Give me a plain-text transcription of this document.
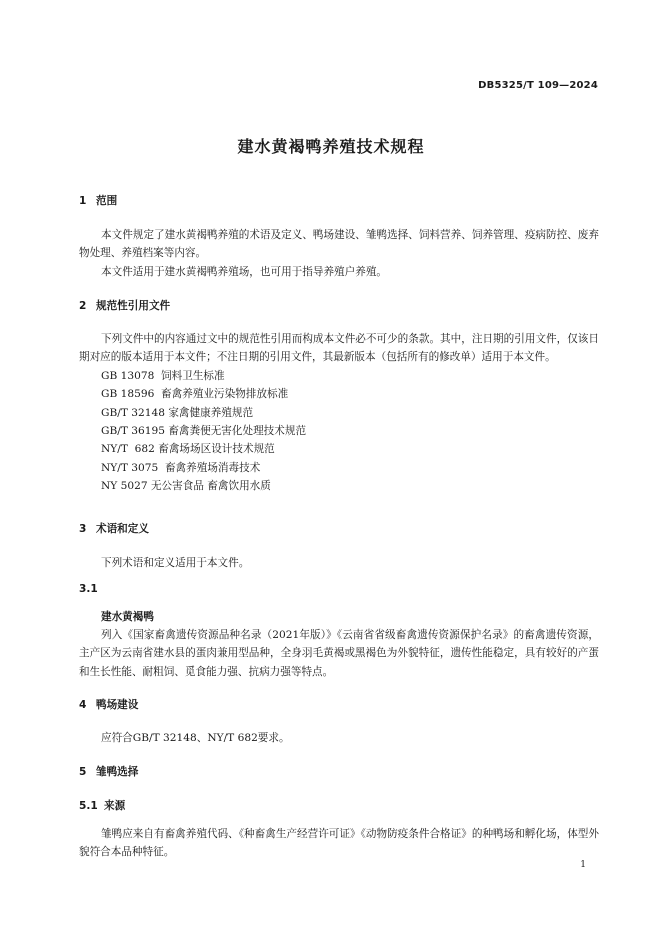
DB5325/T 109—2024
建水黄褐鸭养殖技术规程
1 范围

本文件规定了建水黄褐鸭养殖的术语及定义、鸭场建设、雏鸭选择、饲料营养、饲养管理、疫病防控、废弃物处理、养殖档案等内容。

本文件适用于建水黄褐鸭养殖场，也可用于指导养殖户养殖。

2 规范性引用文件

下列文件中的内容通过文中的规范性引用而构成本文件必不可少的条款。其中，注日期的引用文件，仅该日期对应的版本适用于本文件；不注日期的引用文件，其最新版本（包括所有的修改单）适用于本文件。

GB 13078  饲料卫生标准
GB 18596  畜禽养殖业污染物排放标准
GB/T 32148 家禽健康养殖规范
GB/T 36195 畜禽粪便无害化处理技术规范
NY/T  682 畜禽场场区设计技术规范
NY/T 3075  畜禽养殖场消毒技术
NY 5027 无公害食品 畜禽饮用水质
3 术语和定义

下列术语和定义适用于本文件。

3.1
建水黄褐鸭

列入《国家畜禽遗传资源品种名录（2021年版）》《云南省省级畜禽遗传资源保护名录》的畜禽遗传资源，主产区为云南省建水县的蛋肉兼用型品种，全身羽毛黄褐或黑褐色为外貌特征，遗传性能稳定，具有较好的产蛋和生长性能、耐粗饲、觅食能力强、抗病力强等特点。

4 鸭场建设

应符合GB/T 32148、NY/T 682要求。

5 雏鸭选择
5.1 来源

雏鸭应来自有畜禽养殖代码、《种畜禽生产经营许可证》《动物防疫条件合格证》的种鸭场和孵化场，体型外貌符合本品种特征。

1
